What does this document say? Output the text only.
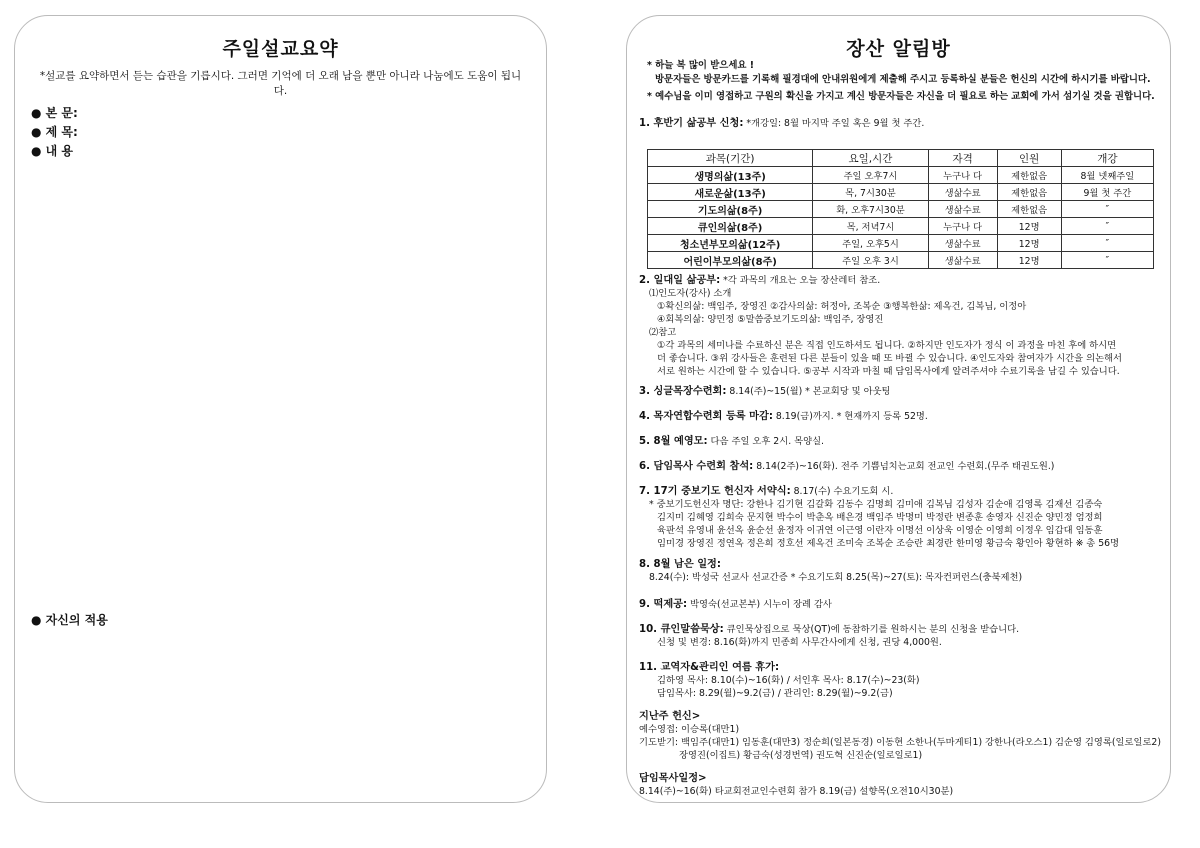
주일설교요약
*설교를 요약하면서 듣는 습관을 기릅시다. 그러면 기억에 더 오래 남을 뿐만 아니라 나눔에도 도움이 됩니다.
● 본 문:
● 제 목:
● 내 용
● 자신의 적용
장산 알림방
* 하늘 복 많이 받으세요 !
방문자들은 방문카드를 기록해 필경대에 안내위원에게 제출해 주시고 등록하실 분들은 헌신의 시간에 하시기를 바랍니다.
* 예수님을 이미 영접하고 구원의 확신을 가지고 계신 방문자들은 자신을 더 필요로 하는 교회에 가서 섬기실 것을 권합니다.
1. 후반기 삶공부 신청: *개강일: 8월 마지막 주일 혹은 9월 첫 주간.
과목(기간)	요일,시간	자격	인원	개강
생명의삶(13주)	주일 오후7시	누구나 다	제한없음	8월 넷째주일
새로운삶(13주)	목, 7시30분	생삶수료	제한없음	9월 첫 주간
기도의삶(8주)	화, 오후7시30분	생삶수료	제한없음	″
큐인의삶(8주)	목, 저녁7시	누구나 다	12명	″
청소년부모의삶(12주)	주일, 오후5시	생삶수료	12명	″
어린이부모의삶(8주)	주일 오후 3시	생삶수료	12명	″
2. 일대일 삶공부: *각 과목의 개요는 오늘 장산레터 참조.
⑴인도자(강사) 소개
①확신의삶: 백임주, 장영진 ②감사의삶: 허정아, 조복순 ③행복한삶: 제옥건, 김복님, 이정아
④회복의삶: 양민정 ⑤말씀중보기도의삶: 백임주, 장영진
⑵참고
①각 과목의 세미나를 수료하신 분은 직접 인도하셔도 됩니다. ②하지만 인도자가 정식 이 과정을 마친 후에 하시면
더 좋습니다. ③위 강사들은 훈련된 다른 분들이 있을 때 또 바뀔 수 있습니다. ④인도자와 참여자가 시간을 의논해서
서로 원하는 시간에 할 수 있습니다. ⑤공부 시작과 마칠 때 담임목사에게 알려주셔야 수료기록을 남길 수 있습니다.
3. 싱글목장수련회: 8.14(주)~15(월) * 본교회당 및 아웃팅
4. 목자연합수련회 등록 마감: 8.19(금)까지. * 현재까지 등록 52명.
5. 8월 예영모: 다음 주일 오후 2시. 목양실.
6. 담임목사 수련회 참석: 8.14(2주)~16(화). 전주 기쁨넘치는교회 전교인 수련회.(무주 태권도원.)
7. 17기 중보기도 헌신자 서약식: 8.17(수) 수요기도회 시.
* 중보기도헌신자 명단: 강한나 김기현 김갈화 김동수 김명희 김미애 김복님 김성자 김순애 김영록 김재선 김종숙
김지미 김혜영 김희숙 문지현 박수이 박춘옥 배은경 백임주 박명미 박정란 변종훈 송영자 신진순 양민정 엄정희
육판석 유영내 윤선옥 윤순선 윤정자 이귀연 이근영 이란자 이명선 이상욱 이영순 이영희 이정우 임갑대 임동훈
임미경 장영진 정연옥 정은희 정호선 제옥건 조미숙 조복순 조승란 최경란 한미영 황금숙 황인아 황현하 ※ 총 56명
8. 8월 남은 일정:
8.24(수): 박성국 선교사 선교간증 * 수요기도회 8.25(목)~27(토): 목자컨퍼런스(충북제천)
9. 떡제공: 박영숙(선교본부) 시누이 장례 감사
10. 큐인말씀묵상: 큐인묵상집으로 묵상(QT)에 동참하기를 원하시는 분의 신청을 받습니다.
신청 및 변경: 8.16(화)까지 민종희 사무간사에게 신청, 권당 4,000원.
11. 교역자&관리인 여름 휴가:
김하영 목사: 8.10(수)~16(화) / 서인후 목사: 8.17(수)~23(화)
담임목사: 8.29(월)~9.2(금) / 관리인: 8.29(월)~9.2(금)
지난주 헌신>
예수영접: 이승록(대만1)
기도받기: 백임주(대만1) 임동훈(대만3) 정순희(일본동경) 이동현 소한나(두마게티1) 강한나(라오스1) 김순영 김영록(일로일로2)
장영진(이집트) 황금숙(성경번역) 권도혁 신진순(일로일로1)
담임목사일정>
8.14(주)~16(화) 타교회전교인수련회 참가 8.19(금) 설향목(오전10시30분)
